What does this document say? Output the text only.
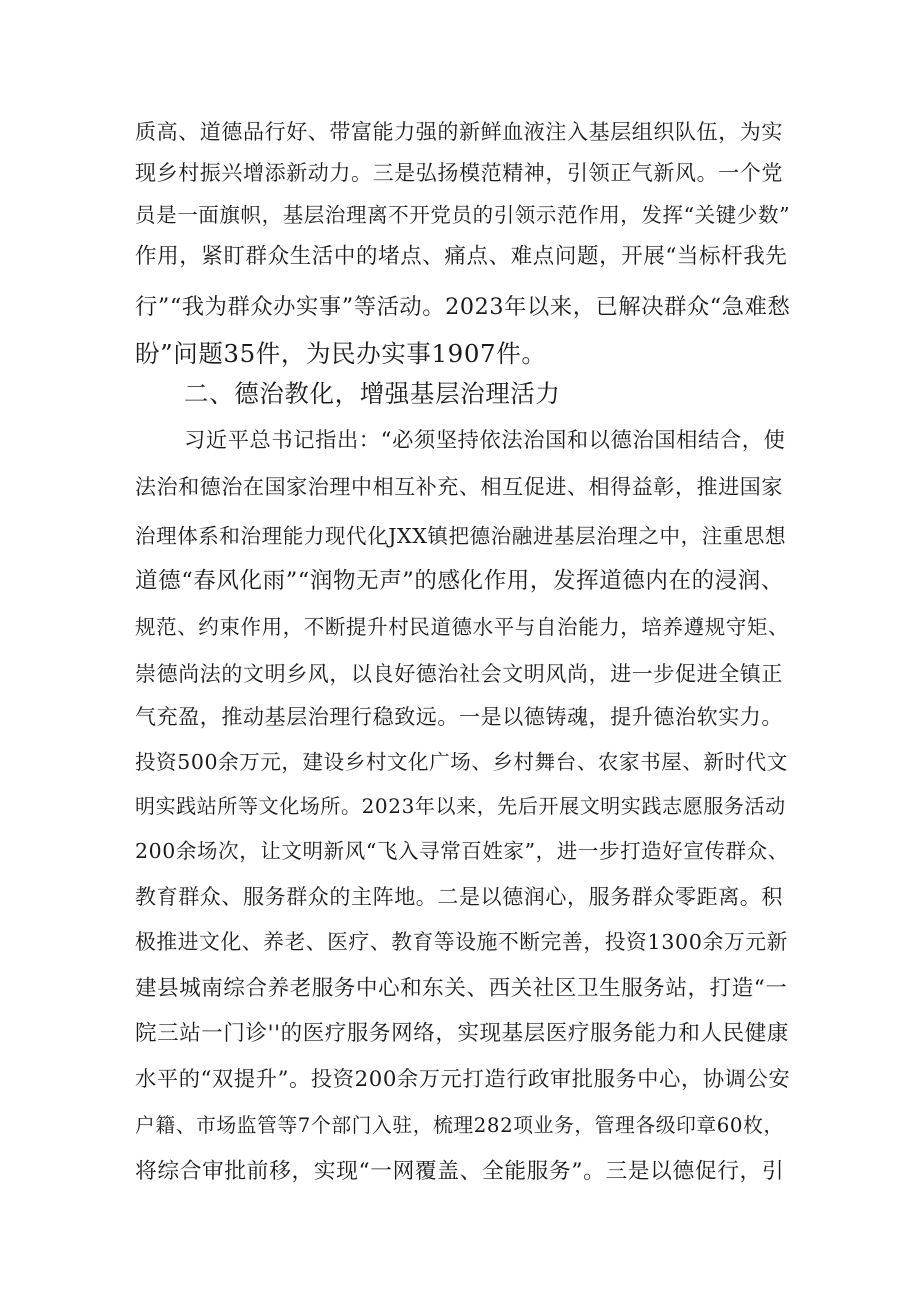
质高、道德品行好、带富能力强的新鲜血液注入基层组织队伍，为实
现乡村振兴增添新动力。三是弘扬模范精神，引领正气新风。一个党
员是一面旗帜，基层治理离不开党员的引领示范作用，发挥“关键少数”
作用，紧盯群众生活中的堵点、痛点、难点问题，开展“当标杆我先
行”“我为群众办实事”等活动。2023年以来，已解决群众“急难愁
盼”问题35件，为民办实事1907件。
二、德治教化，增强基层治理活力
习近平总书记指出：“必须坚持依法治国和以德治国相结合，使
法治和德治在国家治理中相互补充、相互促进、相得益彰，推进国家
治理体系和治理能力现代化JXX镇把德治融进基层治理之中，注重思想
道德“春风化雨”“润物无声”的感化作用，发挥道德内在的浸润、
规范、约束作用，不断提升村民道德水平与自治能力，培养遵规守矩、
崇德尚法的文明乡风，以良好德治社会文明风尚，进一步促进全镇正
气充盈，推动基层治理行稳致远。一是以德铸魂，提升德治软实力。
投资500余万元，建设乡村文化广场、乡村舞台、农家书屋、新时代文
明实践站所等文化场所。2023年以来，先后开展文明实践志愿服务活动
200余场次，让文明新风“飞入寻常百姓家”，进一步打造好宣传群众、
教育群众、服务群众的主阵地。二是以德润心，服务群众零距离。积
极推进文化、养老、医疗、教育等设施不断完善，投资1300余万元新
建县城南综合养老服务中心和东关、西关社区卫生服务站，打造“一
院三站一门诊''的医疗服务网络，实现基层医疗服务能力和人民健康
水平的“双提升”。投资200余万元打造行政审批服务中心，协调公安
户籍、市场监管等7个部门入驻，梳理282项业务，管理各级印章60枚，
将综合审批前移，实现“一网覆盖、全能服务”。三是以德促行，引
